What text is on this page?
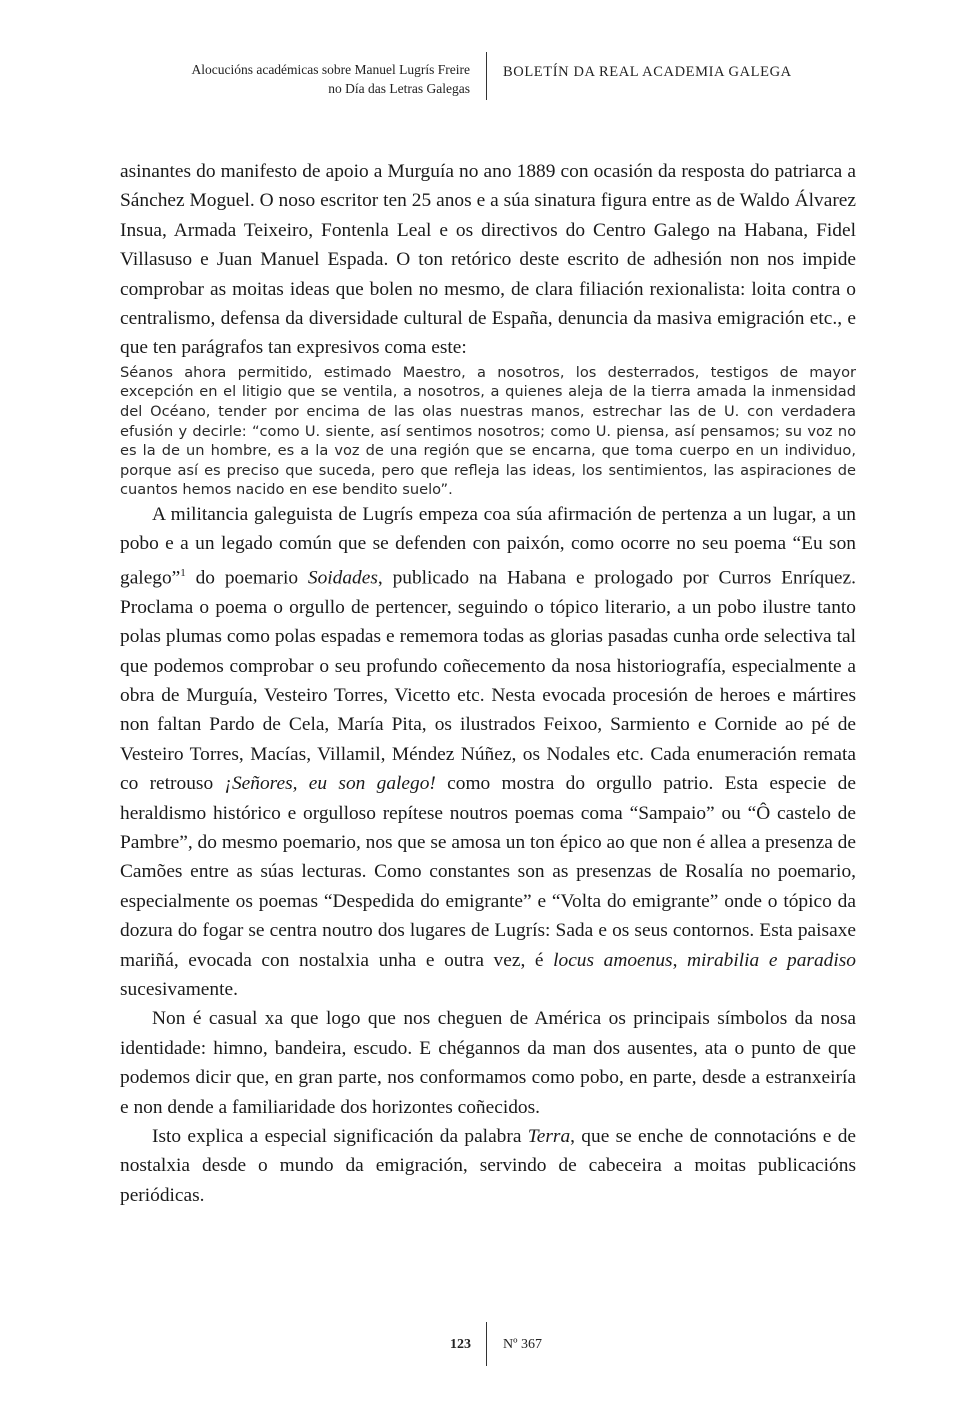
Alocucións académicas sobre Manuel Lugrís Freire
no Día das Letras Galegas
BOLETÍN DA REAL ACADEMIA GALEGA

asinantes do manifesto de apoio a Murguía no ano 1889 con ocasión da resposta do patriarca a Sánchez Moguel. O noso escritor ten 25 anos e a súa sinatura figura entre as de Waldo Álvarez Insua, Armada Teixeiro, Fontenla Leal e os directivos do Centro Galego na Habana, Fidel Villasuso e Juan Manuel Espada. O ton retórico deste escrito de adhesión non nos impide comprobar as moitas ideas que bolen no mesmo, de clara filiación rexionalista: loita contra o centralismo, defensa da diversidade cultural de España, denuncia da masiva emigración etc., e que ten parágrafos tan expresivos coma este:

Séanos ahora permitido, estimado Maestro, a nosotros, los desterrados, testigos de mayor excepción en el litigio que se ventila, a nosotros, a quienes aleja de la tierra amada la inmensidad del Océano, tender por encima de las olas nuestras manos, estrechar las de U. con verdadera efusión y decirle: “como U. siente, así sentimos nosotros; como U. piensa, así pensamos; su voz no es la de un hombre, es a la voz de una región que se encarna, que toma cuerpo en un individuo, porque así es preciso que suceda, pero que refleja las ideas, los sentimientos, las aspiraciones de cuantos hemos nacido en ese bendito suelo”.

A militancia galeguista de Lugrís empeza coa súa afirmación de pertenza a un lugar, a un pobo e a un legado común que se defenden con paixón, como ocorre no seu poema “Eu son galego”$^1$ do poemario Soidades, publicado na Habana e prologado por Curros Enríquez. Proclama o poema o orgullo de pertencer, seguindo o tópico literario, a un pobo ilustre tanto polas plumas como polas espadas e rememora todas as glorias pasadas cunha orde selectiva tal que podemos comprobar o seu profundo coñecemento da nosa historiografía, especialmente a obra de Murguía, Vesteiro Torres, Vicetto etc. Nesta evocada procesión de heroes e mártires non faltan Pardo de Cela, María Pita, os ilustrados Feixoo, Sarmiento e Cornide ao pé de Vesteiro Torres, Macías, Villamil, Méndez Núñez, os Nodales etc. Cada enumeración remata co retrouso ¡Señores, eu son galego! como mostra do orgullo patrio. Esta especie de heraldismo histórico e orgulloso repítese noutros poemas coma “Sampaio” ou “Ô castelo de Pambre”, do mesmo poemario, nos que se amosa un ton épico ao que non é allea a presenza de Camões entre as súas lecturas. Como constantes son as presenzas de Rosalía no poemario, especialmente os poemas “Despedida do emigrante” e “Volta do emigrante” onde o tópico da dozura do fogar se centra noutro dos lugares de Lugrís: Sada e os seus contornos. Esta paisaxe mariñá, evocada con nostalxia unha e outra vez, é locus amoenus, mirabilia e paradiso sucesivamente.

Non é casual xa que logo que nos cheguen de América os principais símbolos da nosa identidade: himno, bandeira, escudo. E chégannos da man dos ausentes, ata o punto de que podemos dicir que, en gran parte, nos conformamos como pobo, en parte, desde a estranxeiría e non dende a familiaridade dos horizontes coñecidos.

Isto explica a especial significación da palabra Terra, que se enche de connotacións e de nostalxia desde o mundo da emigración, servindo de cabeceira a moitas publicacións periódicas.

123 Nº 367
